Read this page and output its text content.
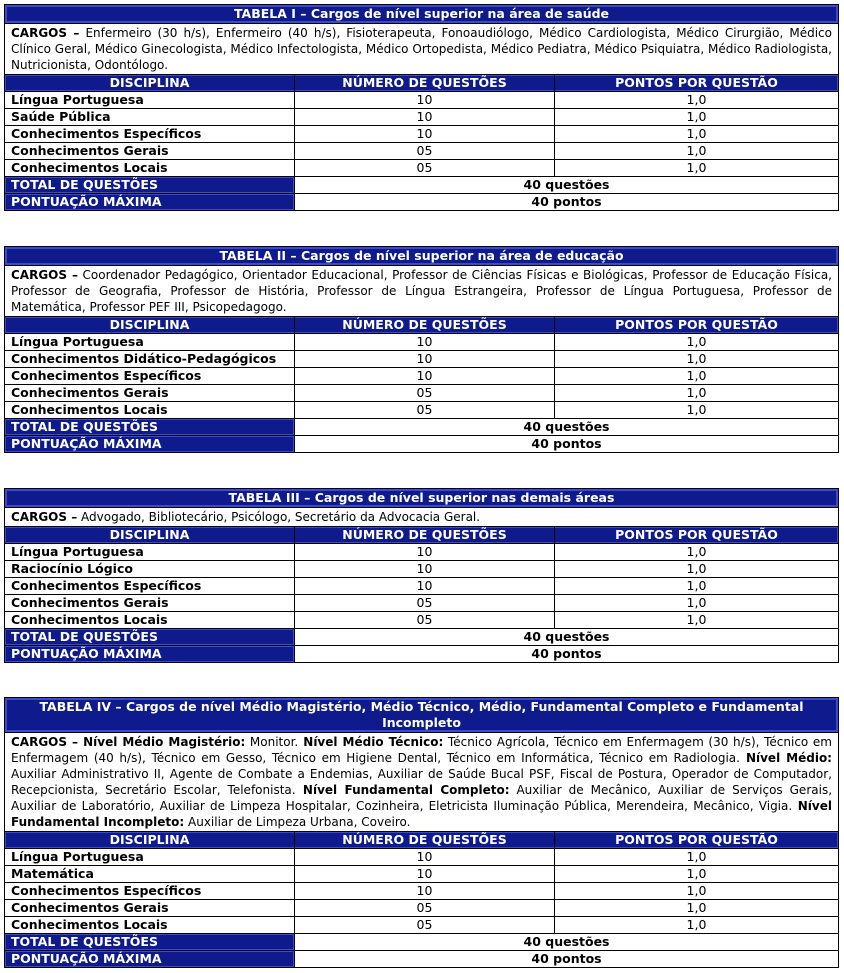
TABELA I – Cargos de nível superior na área de saúde
CARGOS – Enfermeiro (30 h/s), Enfermeiro (40 h/s), Fisioterapeuta, Fonoaudiólogo, Médico Cardiologista, Médico Cirurgião, Médico Clínico Geral, Médico Ginecologista, Médico Infectologista, Médico Ortopedista, Médico Pediatra, Médico Psiquiatra, Médico Radiologista, Nutricionista, Odontólogo.
DISCIPLINA	NÚMERO DE QUESTÕES	PONTOS POR QUESTÃO
Língua Portuguesa	10	1,0
Saúde Pública	10	1,0
Conhecimentos Específicos	10	1,0
Conhecimentos Gerais	05	1,0
Conhecimentos Locais	05	1,0
TOTAL DE QUESTÕES	40 questões
PONTUAÇÃO MÁXIMA	40 pontos
TABELA II – Cargos de nível superior na área de educação
CARGOS – Coordenador Pedagógico, Orientador Educacional, Professor de Ciências Físicas e Biológicas, Professor de Educação Física, Professor de Geografia, Professor de História, Professor de Língua Estrangeira, Professor de Língua Portuguesa, Professor de Matemática, Professor PEF III, Psicopedagogo.
DISCIPLINA	NÚMERO DE QUESTÕES	PONTOS POR QUESTÃO
Língua Portuguesa	10	1,0
Conhecimentos Didático-Pedagógicos	10	1,0
Conhecimentos Específicos	10	1,0
Conhecimentos Gerais	05	1,0
Conhecimentos Locais	05	1,0
TOTAL DE QUESTÕES	40 questões
PONTUAÇÃO MÁXIMA	40 pontos
TABELA III – Cargos de nível superior nas demais áreas
CARGOS – Advogado, Bibliotecário, Psicólogo, Secretário da Advocacia Geral.
DISCIPLINA	NÚMERO DE QUESTÕES	PONTOS POR QUESTÃO
Língua Portuguesa	10	1,0
Raciocínio Lógico	10	1,0
Conhecimentos Específicos	10	1,0
Conhecimentos Gerais	05	1,0
Conhecimentos Locais	05	1,0
TOTAL DE QUESTÕES	40 questões
PONTUAÇÃO MÁXIMA	40 pontos
TABELA IV – Cargos de nível Médio Magistério, Médio Técnico, Médio, Fundamental Completo e Fundamental Incompleto
CARGOS – Nível Médio Magistério: Monitor. Nível Médio Técnico: Técnico Agrícola, Técnico em Enfermagem (30 h/s), Técnico em Enfermagem (40 h/s), Técnico em Gesso, Técnico em Higiene Dental, Técnico em Informática, Técnico em Radiologia. Nível Médio: Auxiliar Administrativo II, Agente de Combate a Endemias, Auxiliar de Saúde Bucal PSF, Fiscal de Postura, Operador de Computador, Recepcionista, Secretário Escolar, Telefonista. Nível Fundamental Completo: Auxiliar de Mecânico, Auxiliar de Serviços Gerais, Auxiliar de Laboratório, Auxiliar de Limpeza Hospitalar, Cozinheira, Eletricista Iluminação Pública, Merendeira, Mecânico, Vigia. Nível Fundamental Incompleto: Auxiliar de Limpeza Urbana, Coveiro.
DISCIPLINA	NÚMERO DE QUESTÕES	PONTOS POR QUESTÃO
Língua Portuguesa	10	1,0
Matemática	10	1,0
Conhecimentos Específicos	10	1,0
Conhecimentos Gerais	05	1,0
Conhecimentos Locais	05	1,0
TOTAL DE QUESTÕES	40 questões
PONTUAÇÃO MÁXIMA	40 pontos
